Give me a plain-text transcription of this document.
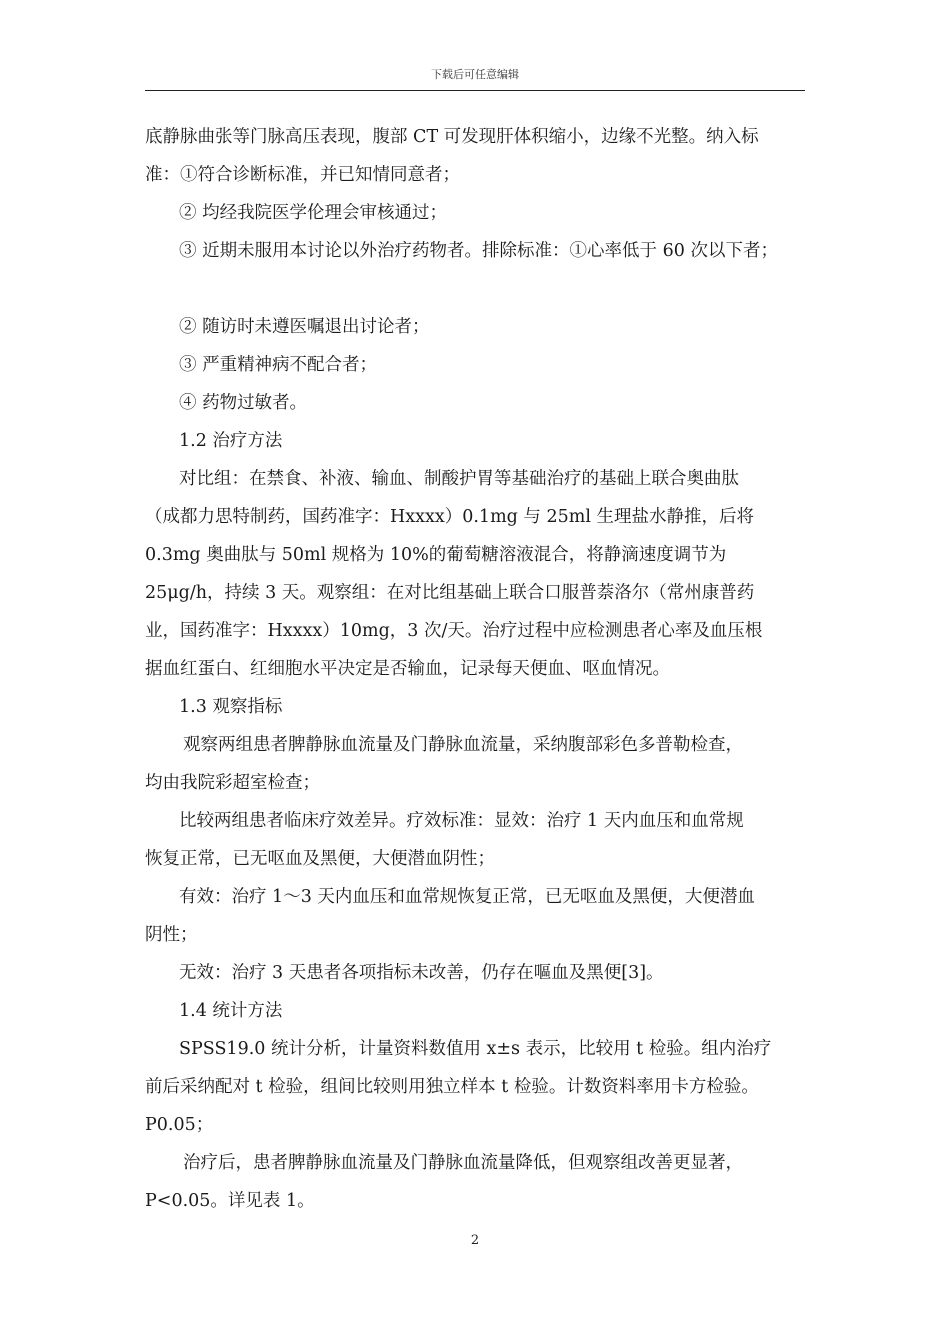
下载后可任意编辑
底静脉曲张等门脉高压表现，腹部 CT 可发现肝体积缩小，边缘不光整。纳入标
准：①符合诊断标准，并已知情同意者；
② 均经我院医学伦理会审核通过；
③ 近期未服用本讨论以外治疗药物者。排除标准：①心率低于 60 次以下者；
② 随访时未遵医嘱退出讨论者；
③ 严重精神病不配合者；
④ 药物过敏者。
1.2 治疗方法
对比组：在禁食、补液、输血、制酸护胃等基础治疗的基础上联合奥曲肽
（成都力思特制药，国药准字：Hxxxx）0.1mg 与 25ml 生理盐水静推，后将
0.3mg 奥曲肽与 50ml 规格为 10%的葡萄糖溶液混合，将静滴速度调节为
25μg/h，持续 3 天。观察组：在对比组基础上联合口服普萘洛尔（常州康普药
业，国药准字：Hxxxx）10mg，3 次/天。治疗过程中应检测患者心率及血压根
据血红蛋白、红细胞水平决定是否输血，记录每天便血、呕血情况。
1.3 观察指标
观察两组患者脾静脉血流量及门静脉血流量，采纳腹部彩色多普勒检查，
均由我院彩超室检查；
比较两组患者临床疗效差异。疗效标准：显效：治疗 1 天内血压和血常规
恢复正常，已无呕血及黑便，大便潜血阴性；
有效：治疗 1～3 天内血压和血常规恢复正常，已无呕血及黑便，大便潜血
阴性；
无效：治疗 3 天患者各项指标未改善，仍存在嘔血及黑便[3]。
1.4 统计方法
SPSS19.0 统计分析，计量资料数值用 x±s 表示，比较用 t 检验。组内治疗
前后采纳配对 t 检验，组间比较则用独立样本 t 检验。计数资料率用卡方检验。
P0.05；
治疗后，患者脾静脉血流量及门静脉血流量降低，但观察组改善更显著，
P<0.05。详见表 1。
2
